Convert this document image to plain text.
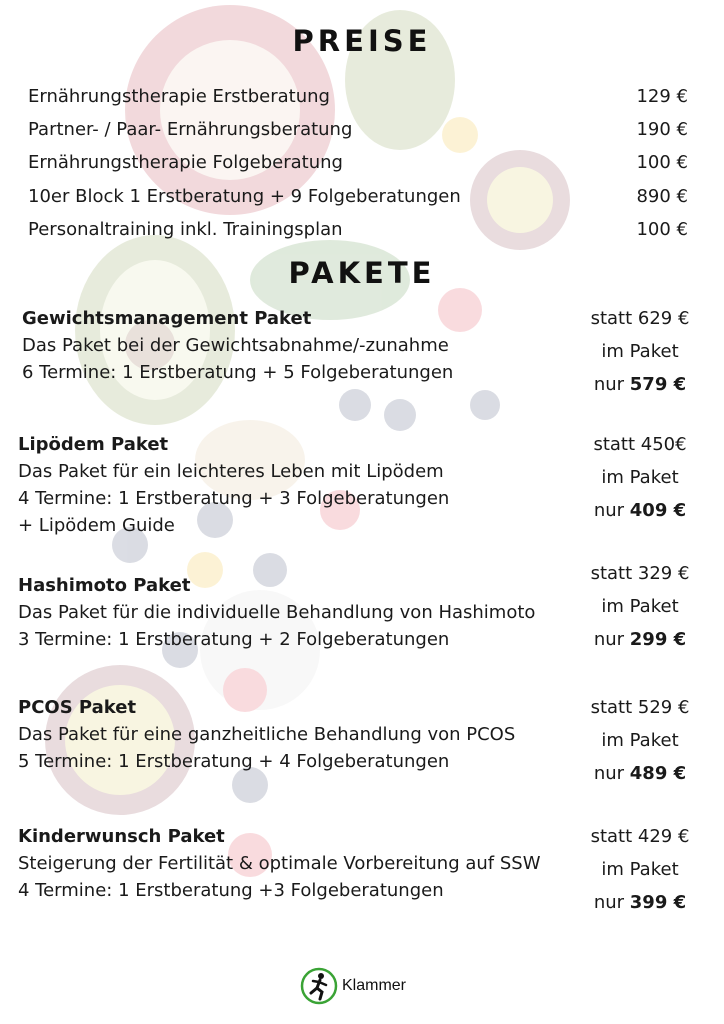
PREISE
Ernährungstherapie Erstberatung	129 €
Partner- / Paar- Ernährungsberatung	190 €
Ernährungstherapie Folgeberatung	100 €
10er Block 1 Erstberatung + 9 Folgeberatungen	890 €
Personaltraining inkl. Trainingsplan	100 €
PAKETE
Gewichtsmanagement Paket
Das Paket bei der Gewichtsabnahme/-zunahme
6 Termine: 1 Erstberatung + 5 Folgeberatungen
statt 629 €
im Paket
nur 579 €
Lipödem Paket
Das Paket für ein leichteres Leben mit Lipödem
4 Termine: 1 Erstberatung + 3 Folgeberatungen
+ Lipödem Guide
statt 450€
im Paket
nur 409 €
Hashimoto Paket
Das Paket für die individuelle Behandlung von Hashimoto
3 Termine: 1 Erstberatung + 2 Folgeberatungen
statt 329 €
im Paket
nur 299 €
PCOS Paket
Das Paket für eine ganzheitliche Behandlung von PCOS
5 Termine: 1 Erstberatung + 4 Folgeberatungen
statt 529 €
im Paket
nur 489 €
Kinderwunsch Paket
Steigerung der Fertilität & optimale Vorbereitung auf SSW
4 Termine: 1 Erstberatung +3 Folgeberatungen
statt 429 €
im Paket
nur 399 €
Klammer
